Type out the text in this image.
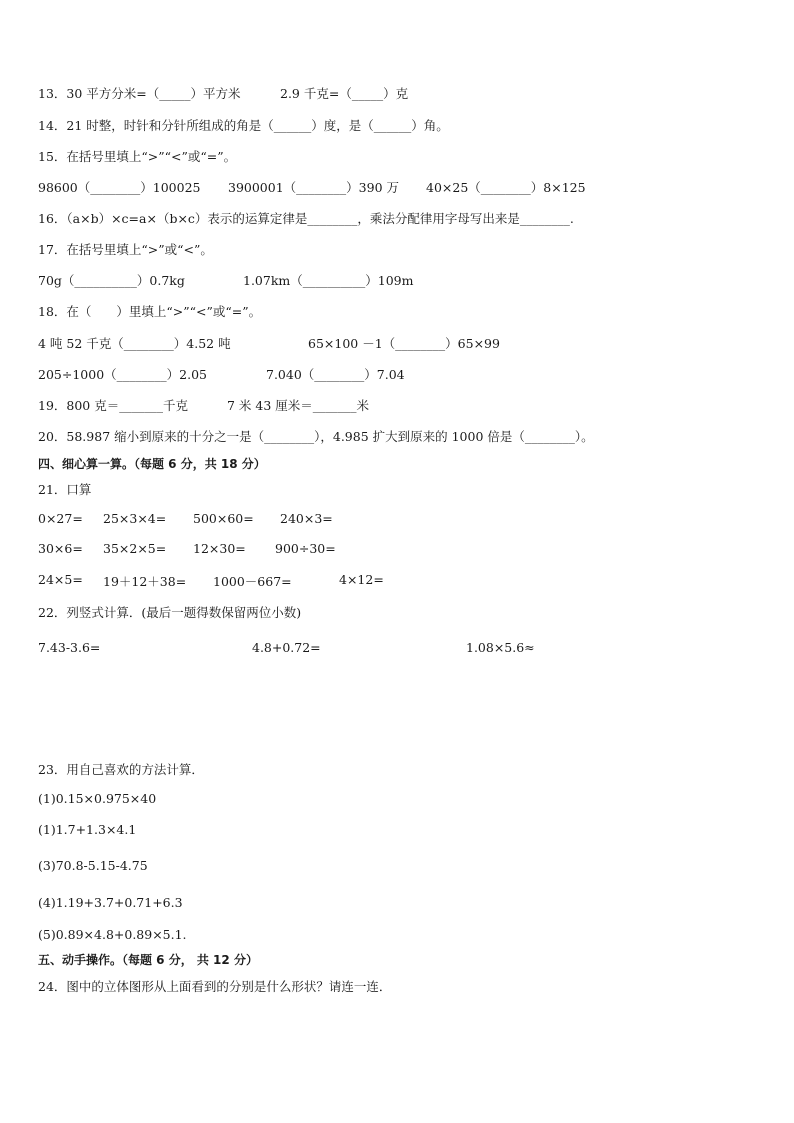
13．30 平方分米=（_____）平方米	2.9 千克=（_____）克
14．21 时整，时针和分针所组成的角是（______）度，是（______）角。
15．在括号里填上“>”“<”或“=”。
98600（________）100025 3900001（________）390 万 40×25（________）8×125
16．（a×b）×c=a×（b×c）表示的运算定律是________，乘法分配律用字母写出来是________.
17．在括号里填上“>”或“<”。
70g（__________）0.7kg	1.07km（__________）109m
18．在（　　）里填上“>”“<”或“=”。
4 吨 52 千克（________）4.52 吨	65×100 －1（________）65×99
205÷1000（________）2.05	7.040（________）7.04
19．800 克＝_______千克	7 米 43 厘米＝_______米
20．58.987 缩小到原来的十分之一是（________），4.985 扩大到原来的 1000 倍是（________）。
四、细心算一算。（每题 6 分，共 18 分）
21．口算
0×27= 25×3×4= 500×60= 240×3=
30×6= 35×2×5= 12×30= 900÷30=
24×5= 19＋12＋38= 1000－667=	4×12=
22．列竖式计算．(最后一题得数保留两位小数)
7.43-3.6=	4.8+0.72=	1.08×5.6≈
23．用自己喜欢的方法计算．
(1)0.15×0.975×40
(1)1.7+1.3×4.1
(3)70.8-5.15-4.75
(4)1.19+3.7+0.71+6.3
(5)0.89×4.8+0.89×5.1.
五、动手操作。（每题 6 分， 共 12 分）
24．图中的立体图形从上面看到的分别是什么形状？请连一连．
